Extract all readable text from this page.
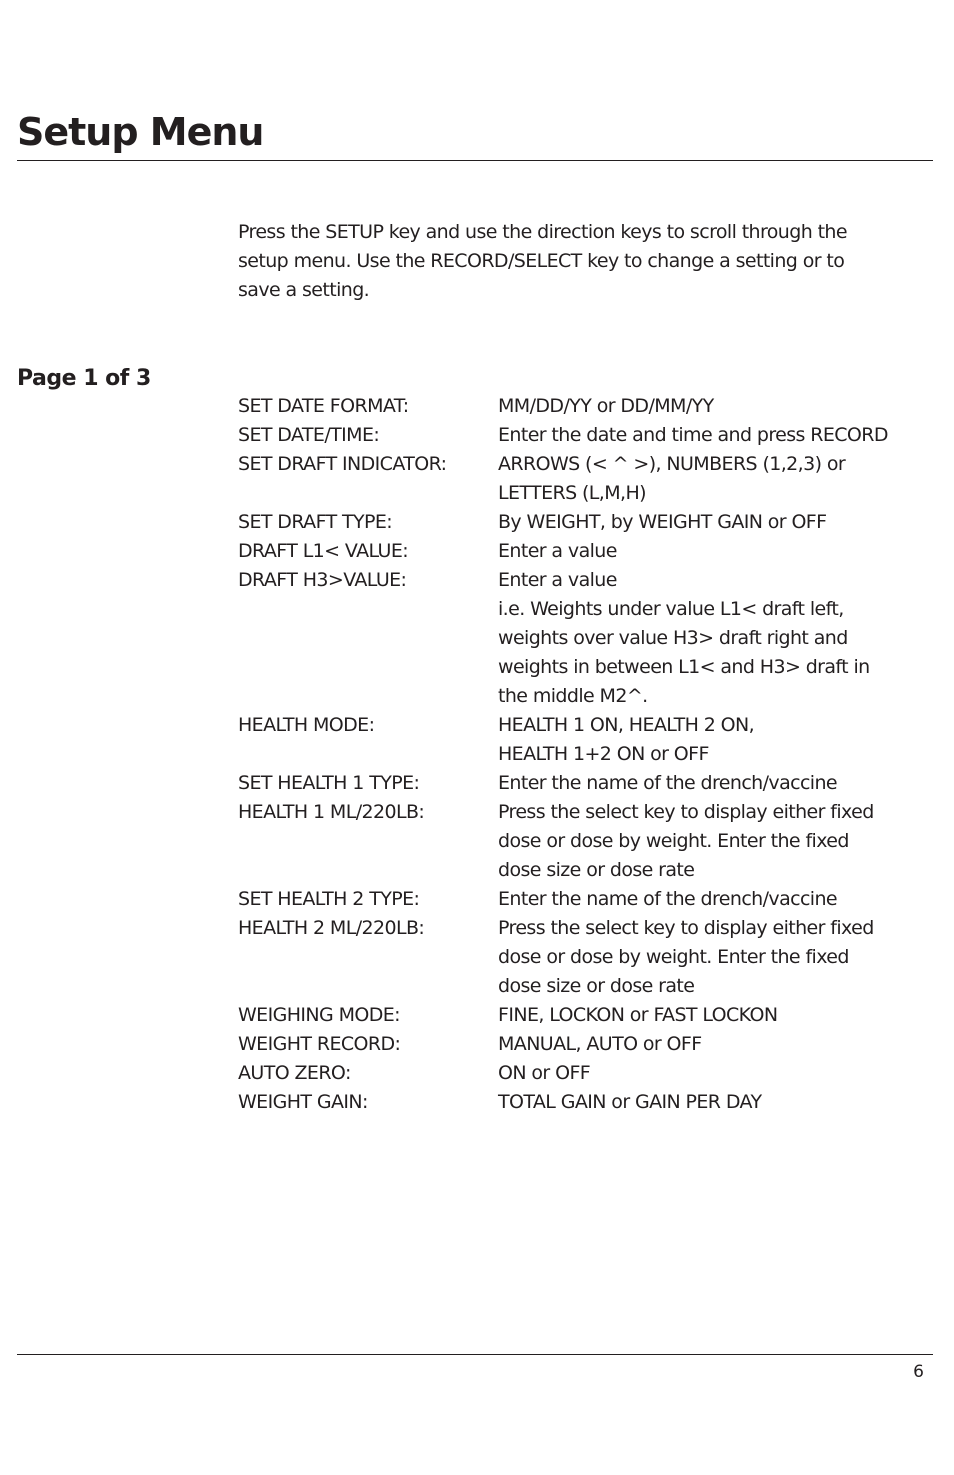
Setup Menu

Press the SETUP key and use the direction keys to scroll through the
setup menu. Use the RECORD/SELECT key to change a setting or to
save a setting.

Page 1 of 3
SET DATE FORMAT:	MM/DD/YY or DD/MM/YY
SET DATE/TIME:	Enter the date and time and press RECORD
SET DRAFT INDICATOR:	ARROWS (< ^ >), NUMBERS (1,2,3) or
LETTERS (L,M,H)
SET DRAFT TYPE:	By WEIGHT, by WEIGHT GAIN or OFF
DRAFT L1< VALUE:	Enter a value
DRAFT H3>VALUE:	Enter a value
i.e. Weights under value L1< draft left,
weights over value H3> draft right and
weights in between L1< and H3> draft in
the middle M2^.
HEALTH MODE:	HEALTH 1 ON, HEALTH 2 ON,
HEALTH 1+2 ON or OFF
SET HEALTH 1 TYPE:	Enter the name of the drench/vaccine
HEALTH 1 ML/220LB:	Press the select key to display either fixed
dose or dose by weight. Enter the fixed
dose size or dose rate
SET HEALTH 2 TYPE:	Enter the name of the drench/vaccine
HEALTH 2 ML/220LB:	Press the select key to display either fixed
dose or dose by weight. Enter the fixed
dose size or dose rate
WEIGHING MODE:	FINE, LOCKON or FAST LOCKON
WEIGHT RECORD:	MANUAL, AUTO or OFF
AUTO ZERO:	ON or OFF
WEIGHT GAIN:	TOTAL GAIN or GAIN PER DAY
6
